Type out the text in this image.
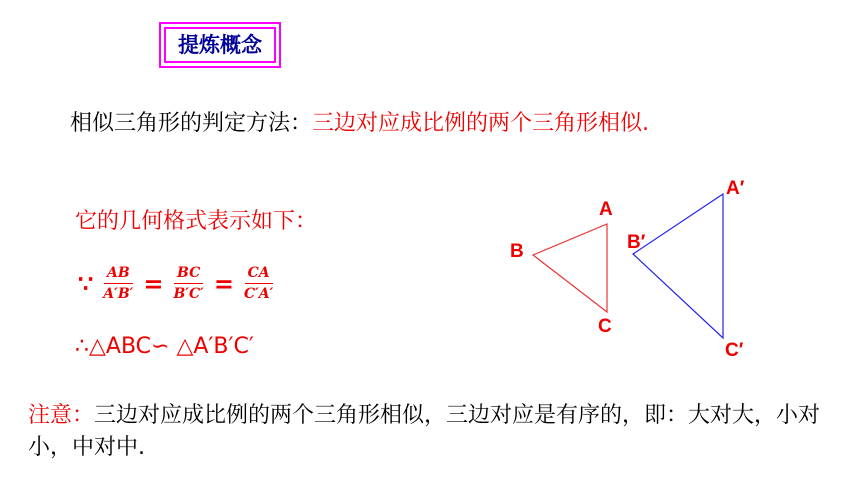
提炼概念
相似三角形的判定方法：三边对应成比例的两个三角形相似.
它的几何格式表示如下：
∵ $\frac{AB}{A'B'} = \frac{BC}{B'C'} = \frac{CA}{C'A'}$
∴△ABC∽ △A′B′C′
注意：三边对应成比例的两个三角形相似，三边对应是有序的，即：大对大，小对小，中对中.
A
B
C
A′
B′
C′
